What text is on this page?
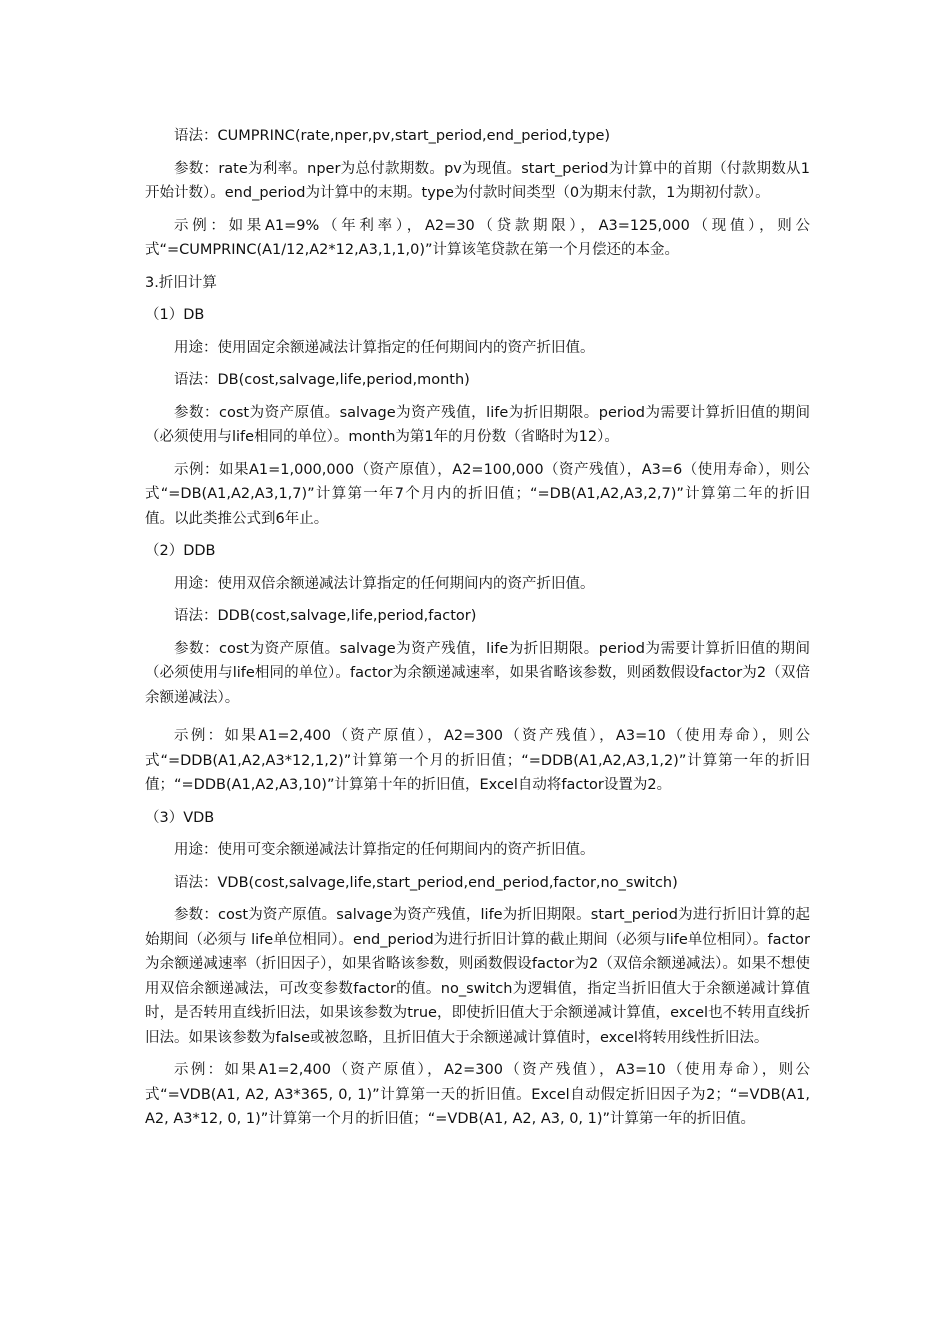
语法：CUMPRINC(rate,nper,pv,start_period,end_period,type)

参数：rate为利率。nper为总付款期数。pv为现值。start_period为计算中的首期（付款期数从1开始计数）。end_period为计算中的末期。type为付款时间类型（0为期末付款，1为期初付款）。

示例：如果A1=9%（年利率），A2=30（贷款期限），A3=125,000（现值），则公式“=CUMPRINC(A1/12,A2*12,A3,1,1,0)”计算该笔贷款在第一个月偿还的本金。

3.折旧计算

（1）DB

用途：使用固定余额递减法计算指定的任何期间内的资产折旧值。

语法：DB(cost,salvage,life,period,month)

参数：cost为资产原值。salvage为资产残值，life为折旧期限。period为需要计算折旧值的期间（必须使用与life相同的单位）。month为第1年的月份数（省略时为12）。

示例：如果A1=1,000,000（资产原值），A2=100,000（资产残值），A3=6（使用寿命），则公式“=DB(A1,A2,A3,1,7)”计算第一年7个月内的折旧值；“=DB(A1,A2,A3,2,7)”计算第二年的折旧值。以此类推公式到6年止。

（2）DDB

用途：使用双倍余额递减法计算指定的任何期间内的资产折旧值。

语法：DDB(cost,salvage,life,period,factor)

参数：cost为资产原值。salvage为资产残值，life为折旧期限。period为需要计算折旧值的期间（必须使用与life相同的单位）。factor为余额递减速率，如果省略该参数，则函数假设factor为2（双倍余额递减法）。

示例：如果A1=2,400（资产原值），A2=300（资产残值），A3=10（使用寿命），则公式“=DDB(A1,A2,A3*12,1,2)”计算第一个月的折旧值；“=DDB(A1,A2,A3,1,2)”计算第一年的折旧值；“=DDB(A1,A2,A3,10)”计算第十年的折旧值，Excel自动将factor设置为2。

（3）VDB

用途：使用可变余额递减法计算指定的任何期间内的资产折旧值。

语法：VDB(cost,salvage,life,start_period,end_period,factor,no_switch)

参数：cost为资产原值。salvage为资产残值，life为折旧期限。start_period为进行折旧计算的起始期间（必须与 life单位相同）。end_period为进行折旧计算的截止期间（必须与life单位相同）。factor为余额递减速率（折旧因子），如果省略该参数，则函数假设factor为2（双倍余额递减法）。如果不想使用双倍余额递减法，可改变参数factor的值。no_switch为逻辑值，指定当折旧值大于余额递减计算值时，是否转用直线折旧法，如果该参数为true，即使折旧值大于余额递减计算值，excel也不转用直线折旧法。如果该参数为false或被忽略，且折旧值大于余额递减计算值时，excel将转用线性折旧法。

示例：如果A1=2,400（资产原值），A2=300（资产残值），A3=10（使用寿命），则公式“=VDB(A1, A2, A3*365, 0, 1)”计算第一天的折旧值。Excel自动假定折旧因子为2；“=VDB(A1, A2, A3*12, 0, 1)”计算第一个月的折旧值；“=VDB(A1, A2, A3, 0, 1)”计算第一年的折旧值。
